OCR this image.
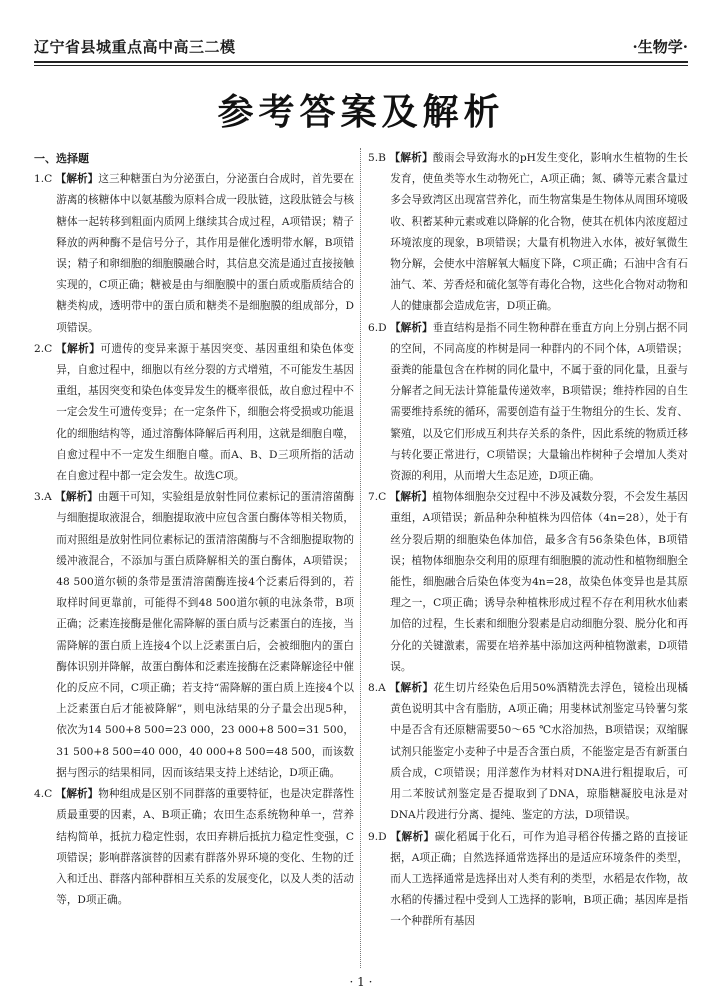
辽宁省县城重点高中高三二模	·生物学·
参考答案及解析
一、选择题

1.C 【解析】这三种糖蛋白为分泌蛋白，分泌蛋白合成时，首先要在游离的核糖体中以氨基酸为原料合成一段肽链，这段肽链会与核糖体一起转移到粗面内质网上继续其合成过程，A项错误；精子释放的两种酶不是信号分子，其作用是催化透明带水解，B项错误；精子和卵细胞的细胞膜融合时，其信息交流是通过直接接触实现的，C项正确；糖被是由与细胞膜中的蛋白质或脂质结合的糖类构成，透明带中的蛋白质和糖类不是细胞膜的组成部分，D项错误。

2.C 【解析】可遗传的变异来源于基因突变、基因重组和染色体变异，自愈过程中，细胞以有丝分裂的方式增殖，不可能发生基因重组，基因突变和染色体变异发生的概率很低，故自愈过程中不一定会发生可遗传变异；在一定条件下，细胞会将受损或功能退化的细胞结构等，通过溶酶体降解后再利用，这就是细胞自噬，自愈过程中不一定发生细胞自噬。而A、B、D三项所指的活动在自愈过程中都一定会发生。故选C项。

3.A 【解析】由题干可知，实验组是放射性同位素标记的蛋清溶菌酶与细胞提取液混合，细胞提取液中应包含蛋白酶体等相关物质，而对照组是放射性同位素标记的蛋清溶菌酶与不含细胞提取物的缓冲液混合，不添加与蛋白质降解相关的蛋白酶体，A项错误；48 500道尔顿的条带是蛋清溶菌酶连接4个泛素后得到的，若取样时间更靠前，可能得不到48 500道尔顿的电泳条带，B项正确；泛素连接酶是催化需降解的蛋白质与泛素蛋白的连接，当需降解的蛋白质上连接4个以上泛素蛋白后，会被细胞内的蛋白酶体识别并降解，故蛋白酶体和泛素连接酶在泛素降解途径中催化的反应不同，C项正确；若支持“需降解的蛋白质上连接4个以上泛素蛋白后才能被降解”，则电泳结果的分子量会出现5种，依次为14 500+8 500=23 000，23 000+8 500=31 500，31 500+8 500=40 000，40 000+8 500=48 500，而该数据与图示的结果相同，因而该结果支持上述结论，D项正确。

4.C 【解析】物种组成是区别不同群落的重要特征，也是决定群落性质最重要的因素，A、B项正确；农田生态系统物种单一，营养结构简单，抵抗力稳定性弱，农田弃耕后抵抗力稳定性变强，C项错误；影响群落演替的因素有群落外界环境的变化、生物的迁入和迁出、群落内部种群相互关系的发展变化，以及人类的活动等，D项正确。

5.B 【解析】酸雨会导致海水的pH发生变化，影响水生植物的生长发育，使鱼类等水生动物死亡，A项正确；氮、磷等元素含量过多会导致湾区出现富营养化，而生物富集是生物体从周围环境吸收、积蓄某种元素或难以降解的化合物，使其在机体内浓度超过环境浓度的现象，B项错误；大量有机物进入水体，被好氧微生物分解，会使水中溶解氧大幅度下降，C项正确；石油中含有石油气、苯、芳香烃和硫化氢等有毒化合物，这些化合物对动物和人的健康都会造成危害，D项正确。

6.D 【解析】垂直结构是指不同生物种群在垂直方向上分别占据不同的空间，不同高度的柞树是同一种群内的不同个体，A项错误；蚕粪的能量包含在柞树的同化量中，不属于蚕的同化量，且蚕与分解者之间无法计算能量传递效率，B项错误；维持柞园的自生需要维持系统的循环，需要创造有益于生物组分的生长、发育、繁殖，以及它们形成互利共存关系的条件，因此系统的物质迁移与转化要正常进行，C项错误；大量输出柞树种子会增加人类对资源的利用，从而增大生态足迹，D项正确。

7.C 【解析】植物体细胞杂交过程中不涉及减数分裂，不会发生基因重组，A项错误；新品种杂种植株为四倍体（4n=28），处于有丝分裂后期的细胞染色体加倍，最多含有56条染色体，B项错误；植物体细胞杂交利用的原理有细胞膜的流动性和植物细胞全能性，细胞融合后染色体变为4n=28，故染色体变异也是其原理之一，C项正确；诱导杂种植株形成过程不存在利用秋水仙素加倍的过程，生长素和细胞分裂素是启动细胞分裂、脱分化和再分化的关键激素，需要在培养基中添加这两种植物激素，D项错误。

8.A 【解析】花生切片经染色后用50%酒精洗去浮色，镜检出现橘黄色说明其中含有脂肪，A项正确；用斐林试剂鉴定马铃薯匀浆中是否含有还原糖需要50～65 ℃水浴加热，B项错误；双缩脲试剂只能鉴定小麦种子中是否含蛋白质，不能鉴定是否有新蛋白质合成，C项错误；用洋葱作为材料对DNA进行粗提取后，可用二苯胺试剂鉴定是否提取到了DNA，琼脂糖凝胶电泳是对DNA片段进行分离、提纯、鉴定的方法，D项错误。

9.D 【解析】碳化稻属于化石，可作为追寻稻谷传播之路的直接证据，A项正确；自然选择通常选择出的是适应环境条件的类型，而人工选择通常是选择出对人类有利的类型，水稻是农作物，故水稻的传播过程中受到人工选择的影响，B项正确；基因库是指一个种群所有基因

· 1 ·
